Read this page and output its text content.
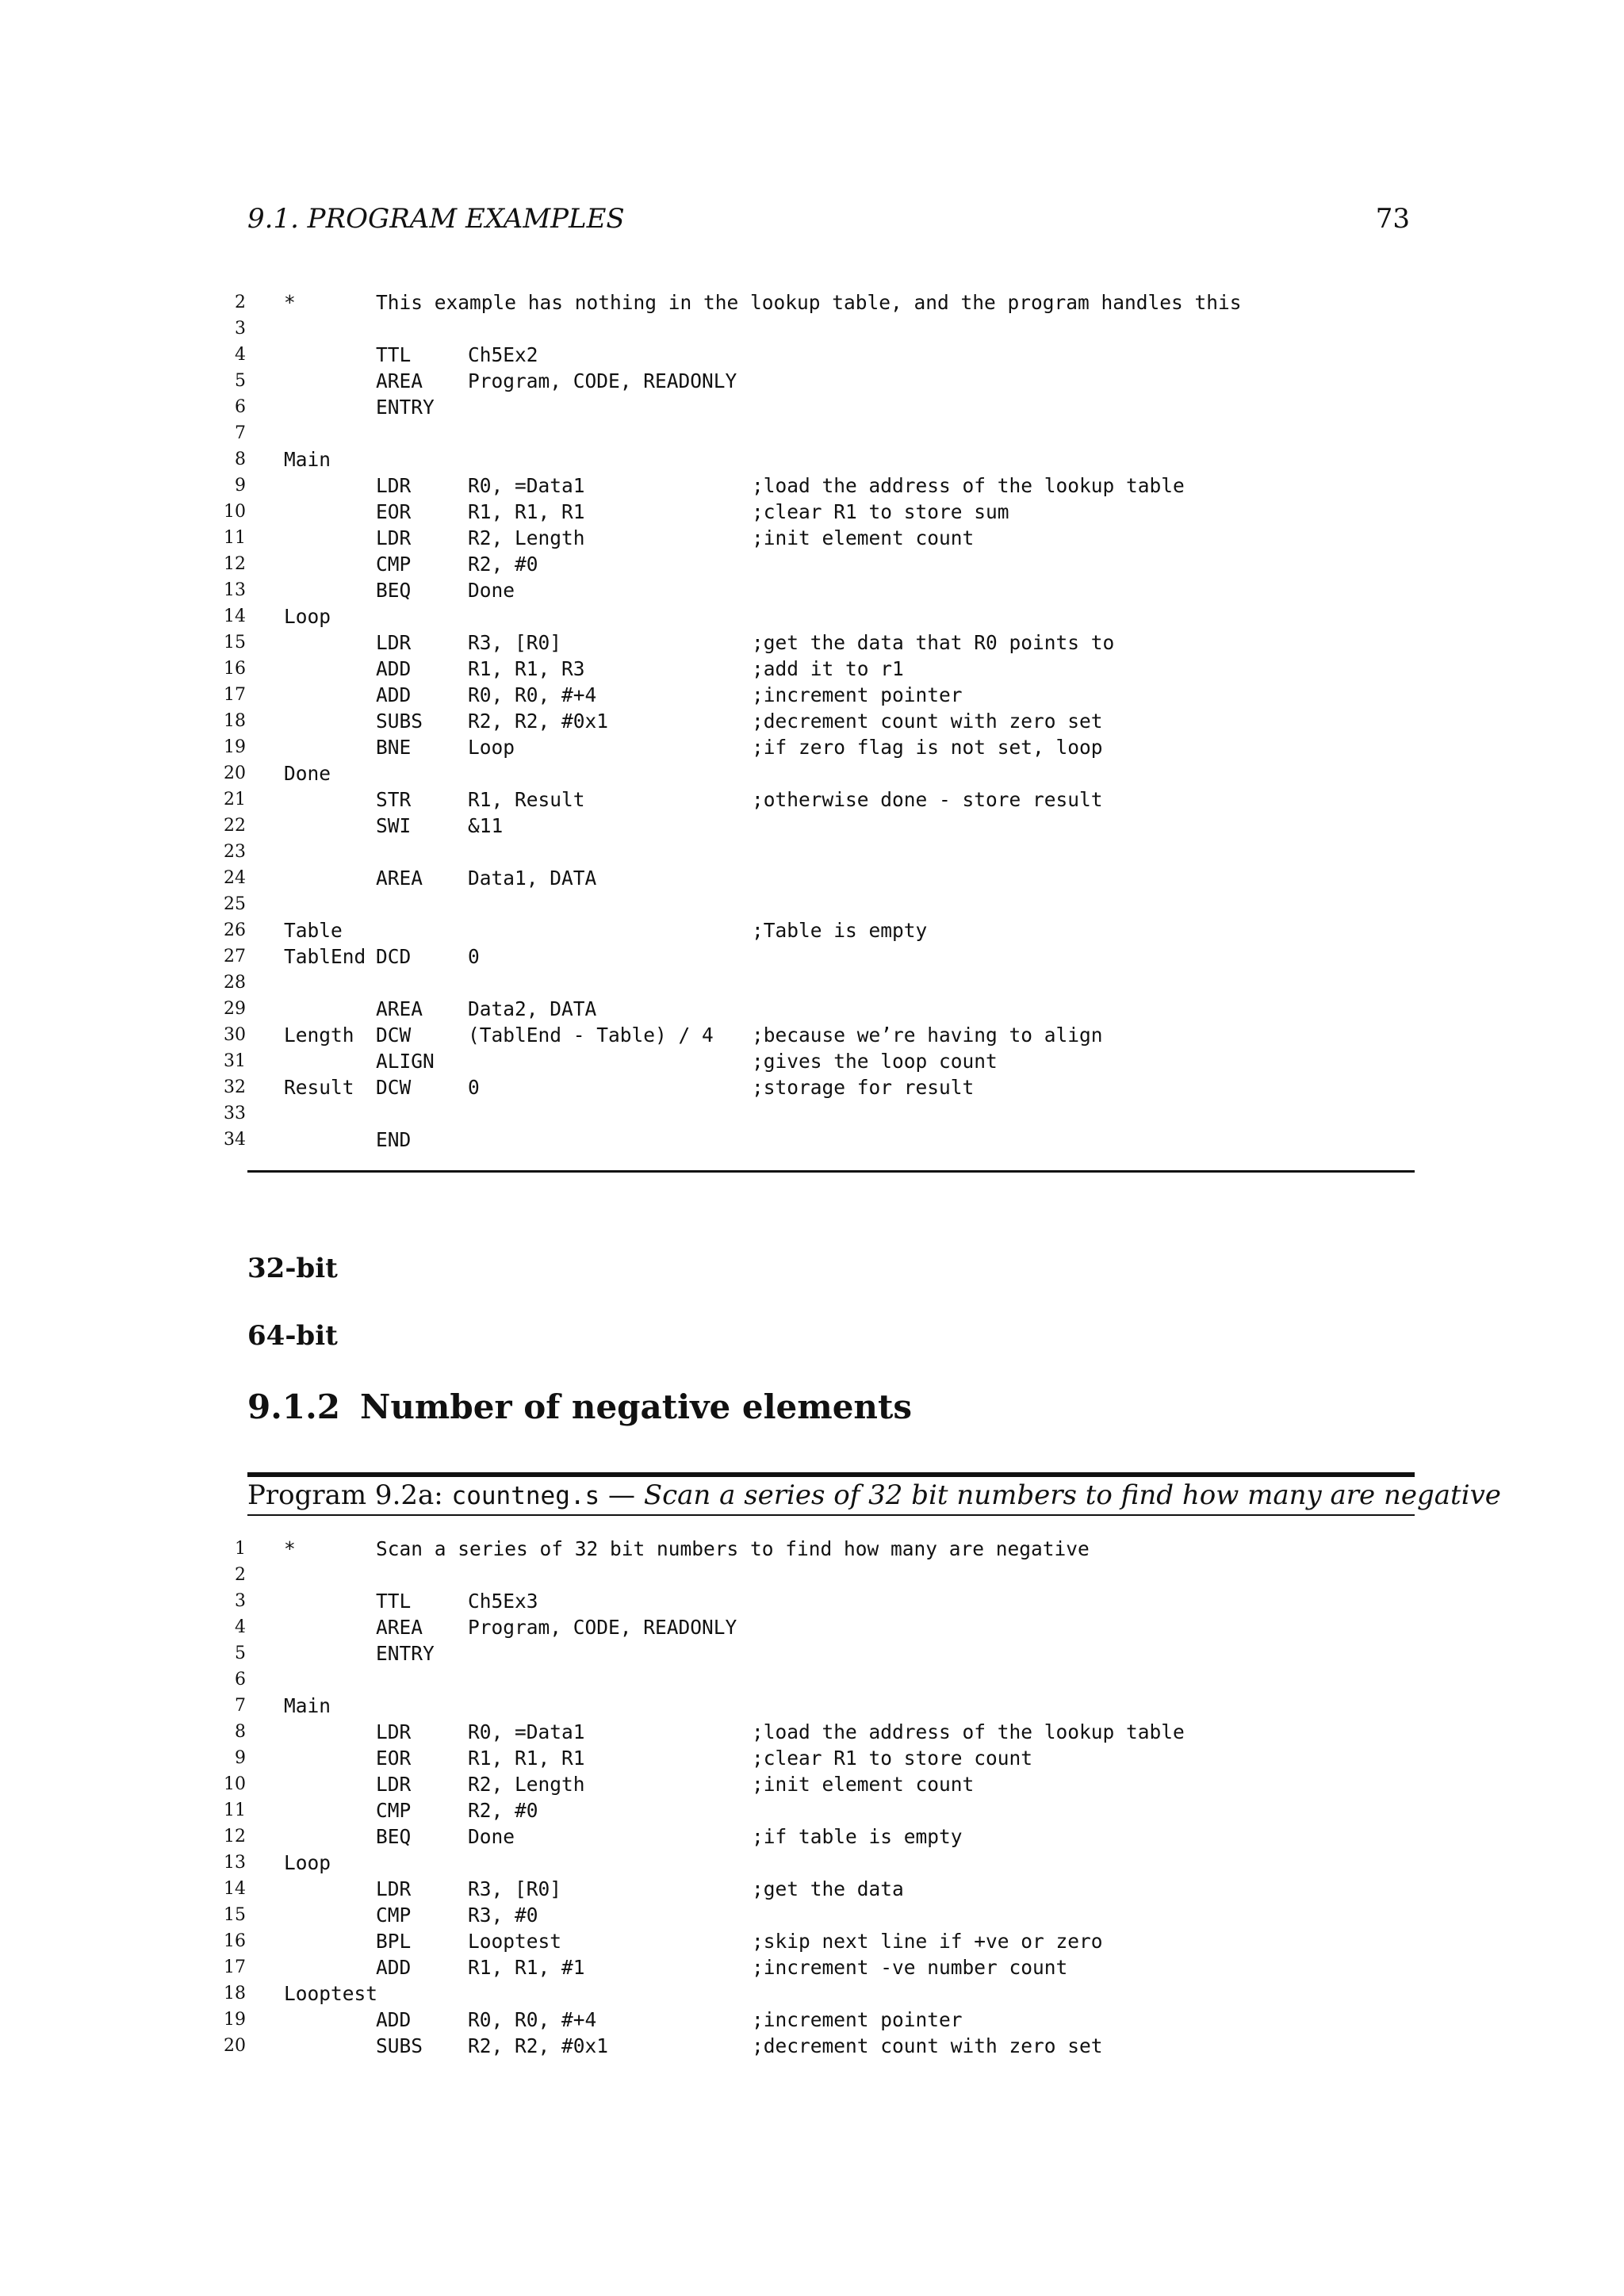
9.1. PROGRAM EXAMPLES	73
2 *	This example has nothing in the lookup table, and the program handles this
3
4	TTL	Ch5Ex2
5	AREA Program, CODE, READONLY
6	ENTRY
7
8 Main
9	LDR	R0, =Data1	;load the address of the lookup table
10	EOR	R1, R1, R1	;clear R1 to store sum
11	LDR	R2, Length	;init element count
12	CMP	R2, #0
13	BEQ	Done
14 Loop
15	LDR	R3, [R0]	;get the data that R0 points to
16	ADD	R1, R1, R3	;add it to r1
17	ADD	R0, R0, #+4	;increment pointer
18	SUBS R2, R2, #0x1	;decrement count with zero set
19	BNE	Loop	;if zero flag is not set, loop
20 Done
21	STR	R1, Result	;otherwise done - store result
22	SWI	&11
23
24	AREA Data1, DATA
25
26 Table	;Table is empty
27 TablEnd DCD	0
28
29	AREA Data2, DATA
30 Length DCW	(TablEnd - Table) / 4 ;because we’re having to align
31	ALIGN	;gives the loop count
32 Result DCW	0	;storage for result
33
34	END
32-bit
64-bit
9.1.2 Number of negative elements
Program 9.2a: countneg.s — Scan a series of 32 bit numbers to find how many are negative
1 *	Scan a series of 32 bit numbers to find how many are negative
2
3	TTL	Ch5Ex3
4	AREA Program, CODE, READONLY
5	ENTRY
6
7 Main
8	LDR	R0, =Data1	;load the address of the lookup table
9	EOR	R1, R1, R1	;clear R1 to store count
10	LDR	R2, Length	;init element count
11	CMP	R2, #0
12	BEQ	Done	;if table is empty
13 Loop
14	LDR	R3, [R0]	;get the data
15	CMP	R3, #0
16	BPL	Looptest	;skip next line if +ve or zero
17	ADD	R1, R1, #1	;increment -ve number count
18 Looptest
19	ADD	R0, R0, #+4	;increment pointer
20	SUBS R2, R2, #0x1	;decrement count with zero set
